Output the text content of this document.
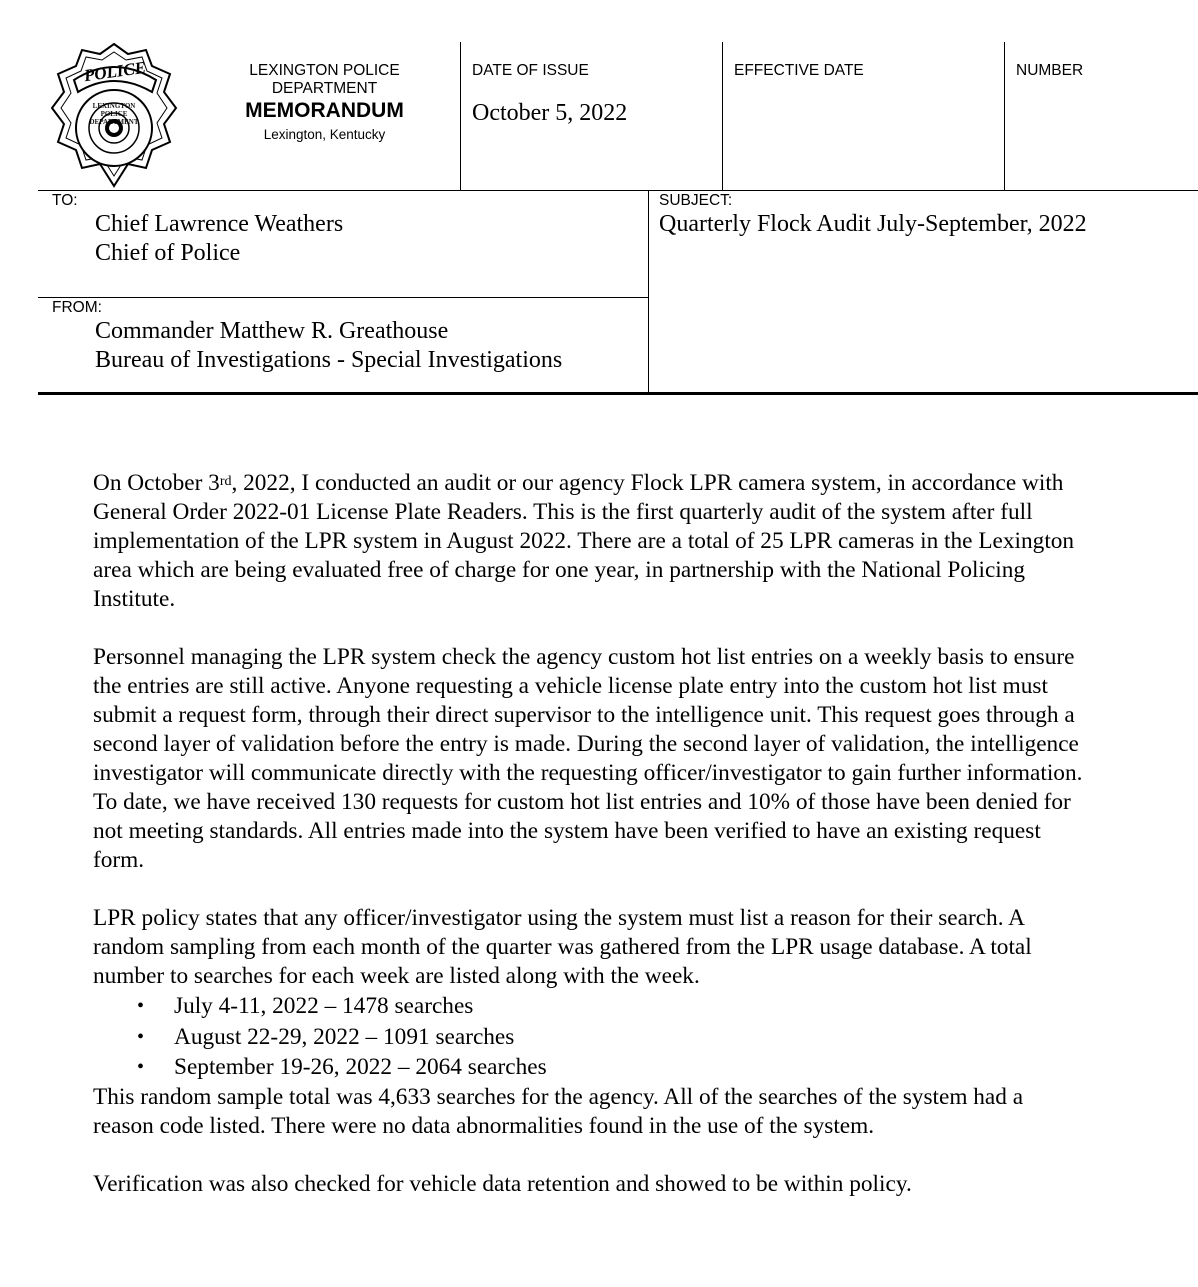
POLICE
LEXINGTON POLICE DEPARTMENT
LEXINGTON POLICE
DEPARTMENT
MEMORANDUM
Lexington, Kentucky
DATE OF ISSUE
October 5, 2022
EFFECTIVE DATE	NUMBER
TO:
Chief Lawrence Weathers
Chief of Police
FROM:
Commander Matthew R. Greathouse
Bureau of Investigations - Special Investigations
SUBJECT:
Quarterly Flock Audit July-September, 2022

On October 3rd, 2022, I conducted an audit or our agency Flock LPR camera system, in accordance with General Order 2022-01 License Plate Readers. This is the first quarterly audit of the system after full implementation of the LPR system in August 2022. There are a total of 25 LPR cameras in the Lexington area which are being evaluated free of charge for one year, in partnership with the National Policing Institute.

Personnel managing the LPR system check the agency custom hot list entries on a weekly basis to ensure the entries are still active. Anyone requesting a vehicle license plate entry into the custom hot list must submit a request form, through their direct supervisor to the intelligence unit. This request goes through a second layer of validation before the entry is made. During the second layer of validation, the intelligence investigator will communicate directly with the requesting officer/investigator to gain further information. To date, we have received 130 requests for custom hot list entries and 10% of those have been denied for not meeting standards. All entries made into the system have been verified to have an existing request form.

LPR policy states that any officer/investigator using the system must list a reason for their search. A random sampling from each month of the quarter was gathered from the LPR usage database. A total number to searches for each week are listed along with the week.

• July 4-11, 2022 – 1478 searches
• August 22-29, 2022 – 1091 searches
• September 19-26, 2022 – 2064 searches

This random sample total was 4,633 searches for the agency. All of the searches of the system had a reason code listed. There were no data abnormalities found in the use of the system.

Verification was also checked for vehicle data retention and showed to be within policy.
